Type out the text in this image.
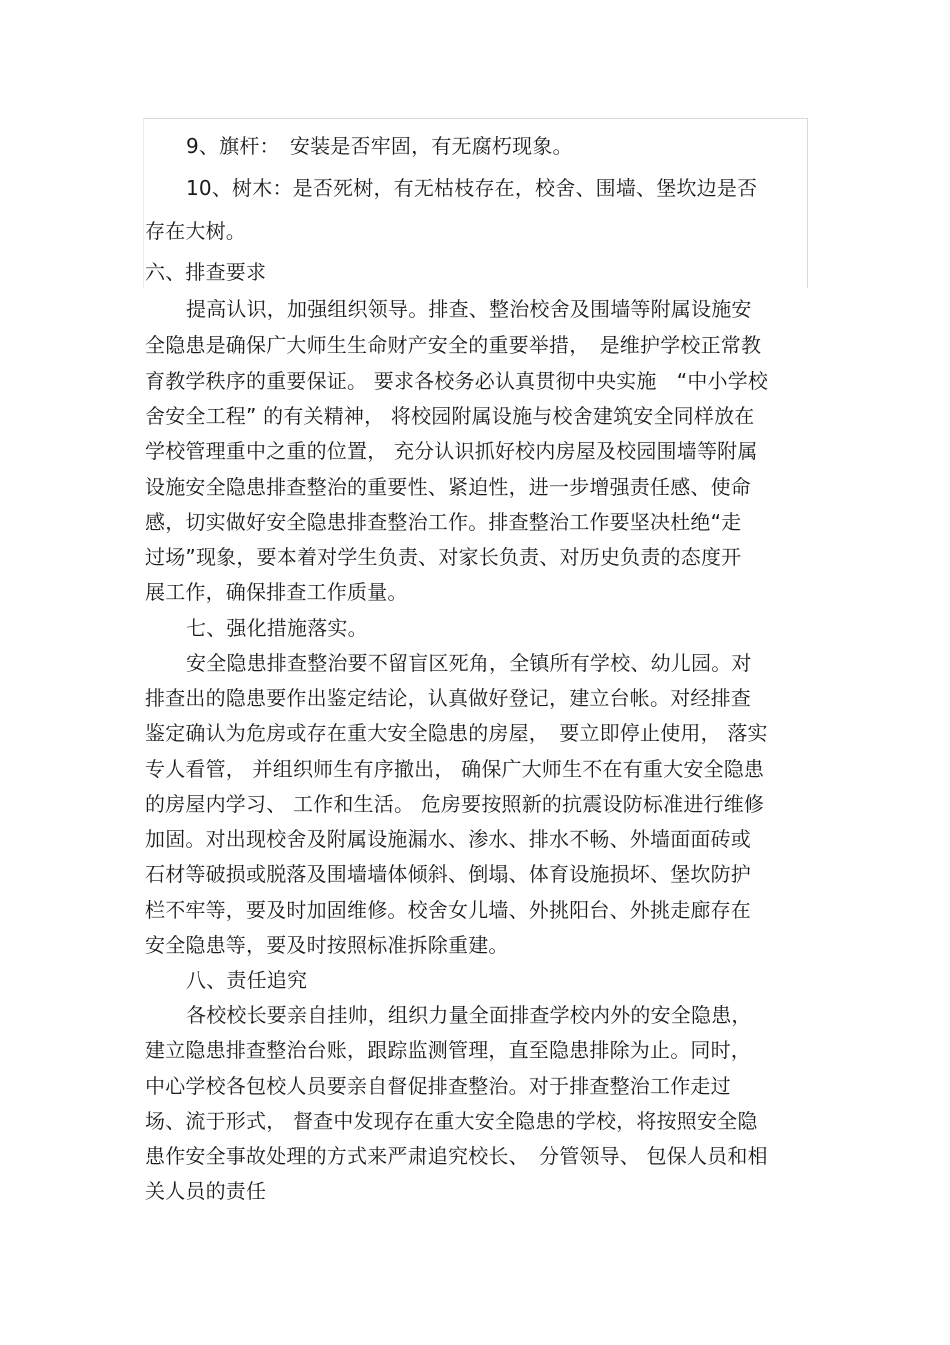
9、旗杆：　安装是否牢固，有无腐朽现象。
10、树木：是否死树，有无枯枝存在，校舍、围墙、堡坎边是否
存在大树。
六、排查要求
提高认识，加强组织领导。排查、整治校舍及围墙等附属设施安
全隐患是确保广大师生生命财产安全的重要举措，　是维护学校正常教
育教学秩序的重要保证。 要求各校务必认真贯彻中央实施　“中小学校
舍安全工程” 的有关精神， 将校园附属设施与校舍建筑安全同样放在
学校管理重中之重的位置， 充分认识抓好校内房屋及校园围墙等附属
设施安全隐患排查整治的重要性、紧迫性，进一步增强责任感、使命
感，切实做好安全隐患排查整治工作。排查整治工作要坚决杜绝“走
过场”现象，要本着对学生负责、对家长负责、对历史负责的态度开
展工作，确保排查工作质量。
七、强化措施落实。
安全隐患排查整治要不留盲区死角，全镇所有学校、幼儿园。对
排查出的隐患要作出鉴定结论，认真做好登记，建立台帐。对经排查
鉴定确认为危房或存在重大安全隐患的房屋，　要立即停止使用， 落实
专人看管， 并组织师生有序撤出， 确保广大师生不在有重大安全隐患
的房屋内学习、 工作和生活。 危房要按照新的抗震设防标准进行维修
加固。对出现校舍及附属设施漏水、渗水、排水不畅、外墙面面砖或
石材等破损或脱落及围墙墙体倾斜、倒塌、体育设施损坏、堡坎防护
栏不牢等，要及时加固维修。校舍女儿墙、外挑阳台、外挑走廊存在
安全隐患等，要及时按照标准拆除重建。
八、责任追究
各校校长要亲自挂帅，组织力量全面排查学校内外的安全隐患，
建立隐患排查整治台账，跟踪监测管理，直至隐患排除为止。同时，
中心学校各包校人员要亲自督促排查整治。对于排查整治工作走过
场、流于形式， 督查中发现存在重大安全隐患的学校，将按照安全隐
患作安全事故处理的方式来严肃追究校长、　分管领导、 包保人员和相
关人员的责任
